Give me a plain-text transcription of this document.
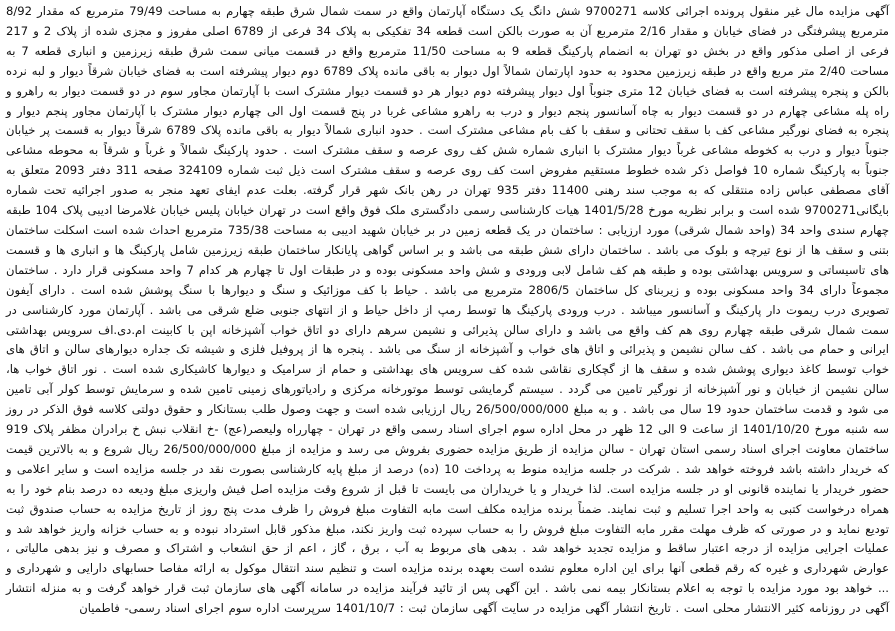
آگهی مزایده مال غیر منقول پرونده اجرائی کلاسه 9700271 شش دانگ یک دستگاه آپارتمان واقع در سمت شمال شرق طبقه چهارم به مساحت 79/49 مترمربع که مقدار 8/92 مترمربع پیشرفتگی در فضای خیابان و مقدار 2/16 مترمربع آن به صورت بالکن است قطعه 34 تفکیکی به پلاک 34 فرعی از 6789 اصلی مفروز و مجزی شده از پلاک 2 و 217 فرعی از اصلی مذکور واقع در بخش دو تهران به انضمام پارکینگ قطعه 9 به مساحت 11/50 مترمربع واقع در قسمت میانی سمت شرق طبقه زیرزمین و انباری قطعه 7 به مساحت 2/40 متر مربع واقع در طبقه زیرزمین محدود به حدود اپارتمان شمالاً اول دیوار به باقی مانده پلاک 6789 دوم دیوار پیشرفته است به فضای خیابان شرقاً دیوار و لبه نرده بالکن و پنجره پیشرفته است به فضای خیابان 12 متری جنوباً اول دیوار پیشرفته دوم دیوار هر دو قسمت دیوار مشترک است با آپارتمان مجاور سوم در دو قسمت دیوار به راهرو و راه پله مشاعی چهارم در دو قسمت دیوار به چاه آسانسور پنجم دیوار و درب به راهرو مشاعی غربا در پنج قسمت اول الی چهارم دیوار مشترک با آپارتمان مجاور پنجم دیوار و پنجره به فضای نورگیر مشاعی کف با سقف تحتانی و سقف با کف بام مشاعی مشترک است . حدود انباری شمالاً دیوار به باقی مانده پلاک 6789 شرقاً دیوار به قسمت پر خیابان جنوباً دیوار و درب به کخوطه مشاعی غرباً دیوار مشترک با انباری شماره شش کف روی عرصه و سقف مشترک است . حدود پارکینگ شمالاً و غرباً و شرقاً به محوطه مشاعی جنوباً به پارکینگ شماره 10 فواصل ذکر شده خطوط مستقیم مفروض است کف روی عرصه و سقف مشترک است ذیل ثبت شماره 324109 صفحه 311 دفتر 2093 متعلق به آقای مصطفی عباس زاده منتقلی که به موجب سند رهنی 11400 دفتر 935 تهران در رهن بانک شهر قرار گرفته. بعلت عدم ایفای تعهد منجر به صدور اجرائیه تحت شماره بایگانی9700271 شده است و برابر نظریه مورخ 1401/5/28 هیات کارشناسی رسمی دادگستری ملک فوق واقع است در تهران خیابان پلیس خیابان غلامرضا ادیبی پلاک 104 طبقه چهارم سندی واحد 34 (واحد شمال شرقی) مورد ارزیابی : ساختمان در یک قطعه زمین در بر خیابان شهید ادیبی به مساحت 735/38 مترمربع احداث شده است اسکلت ساختمان بتنی و سقف ها از نوع تیرچه و بلوک می باشد . ساختمان دارای شش طبقه می باشد و بر اساس گواهی پایانکار ساختمان طبقه زیرزمین شامل پارکینگ ها و انباری ها و قسمت های تاسیساتی و سرویس بهداشتی بوده و طبقه هم کف شامل لابی ورودی و شش واحد مسکونی بوده و در طبقات اول تا چهارم هر کدام 7 واحد مسکونی قرار دارد . ساختمان مجموعاً دارای 34 واحد مسکونی بوده و زیربنای کل ساختمان 2806/5 مترمربع می باشد . حیاط با کف موزائیک و سنگ و دیوارها با سنگ پوشش شده است . دارای آیفون تصویری درب ریموت دار پارکینگ و آسانسور میباشد . درب ورودی پارکینگ ها توسط رمپ از داخل حیاط و از انتهای جنوبی ضلع شرقی می باشد . آپارتمان مورد کارشناسی در سمت شمال شرقی طبقه چهارم روی هم کف واقع می باشد و دارای سالن پذیرائی و نشیمن سرهم دارای دو اتاق خواب آشپزخانه اپن با کابینت ام.دی.اف سرویس بهداشتی ایرانی و حمام می باشد . کف سالن نشیمن و پذیرائی و اتاق های خواب و آشپزخانه از سنگ می باشد . پنجره ها از پروفیل فلزی و شیشه تک جداره دیوارهای سالن و اتاق های خواب توسط کاغذ دیواری پوشش شده و سقف ها از گچکاری نقاشی شده کف سرویس های بهداشتی و حمام از سرامیک و دیوارها کاشیکاری شده است . نور اتاق خواب ها، سالن نشیمن از خیابان و نور آشپزخانه از نورگیر تامین می گردد . سیستم گرمایشی توسط موتورخانه مرکزی و رادیاتورهای زمینی تامین شده و سرمایش توسط کولر آبی تامین می شود و قدمت ساختمان حدود 19 سال می باشد . و به مبلغ 26/500/000/000 ریال ارزیابی شده است و جهت وصول طلب بستانکار و حقوق دولتی کلاسه فوق الذکر در روز سه شنبه مورخ 1401/10/20 از ساعت 9 الی 12 ظهر در محل اداره سوم اجرای اسناد رسمی واقع در تهران - چهارراه ولیعصر(عج) -خ انقلاب نبش خ برادران مظفر پلاک 919 ساختمان معاونت اجرای اسناد رسمی استان تهران - سالن مزایده از طریق مزایده حضوری بفروش می رسد و مزایده از مبلغ 26/500/000/000 ریال شروع و به بالاترین قیمت که خریدار داشته باشد فروخته خواهد شد . شرکت در جلسه مزایده منوط به پرداخت 10 (ده) درصد از مبلغ پایه کارشناسی بصورت نقد در جلسه مزایده است و سایر اعلامی و حضور خریدار یا نماینده قانونی او در جلسه مزایده است. لذا خریدار و یا خریداران می بایست تا قبل از شروع وقت مزایده اصل فیش واریزی مبلغ ودیعه ده درصد بنام خود را به همراه درخواست کتبی به واحد اجرا تسلیم و ثبت نمایند. ضمناً برنده مزایده مکلف است مابه التفاوت مبلغ فروش را ظرف مدت پنج روز از تاریخ مزایده به حساب صندوق ثبت تودیع نماید و در صورتی که ظرف مهلت مقرر مابه التفاوت مبلغ فروش را به حساب سپرده ثبت واریز نکند، مبلغ مذکور قابل استرداد نبوده و به حساب خزانه واریز خواهد شد و عملیات اجرایی مزایده از درجه اعتبار ساقط و مزایده تجدید خواهد شد . بدهی های مربوط به آب ، برق ، گاز ، اعم از حق انشعاب و اشتراک و مصرف و نیز بدهی مالیاتی ، عوارض شهرداری و غیره که رقم قطعی آنها برای این اداره معلوم نشده است بعهده برنده مزایده است و تنظیم سند انتقال موکول به ارائه مفاصا حسابهای دارایی و شهرداری و ... خواهد بود مورد مزایده با توجه به اعلام بستانکار بیمه نمی باشد . این آگهی پس از تائید فرآیند مزایده در سامانه آگهی های سازمان ثبت قرار خواهد گرفت و به منزله انتشار آگهی در روزنامه کثیر الانتشار محلی است . تاریخ انتشار آگهی مزایده در سایت آگهی سازمان ثبت : 1401/10/7 سرپرست اداره سوم اجرای اسناد رسمی- فاطمیان
